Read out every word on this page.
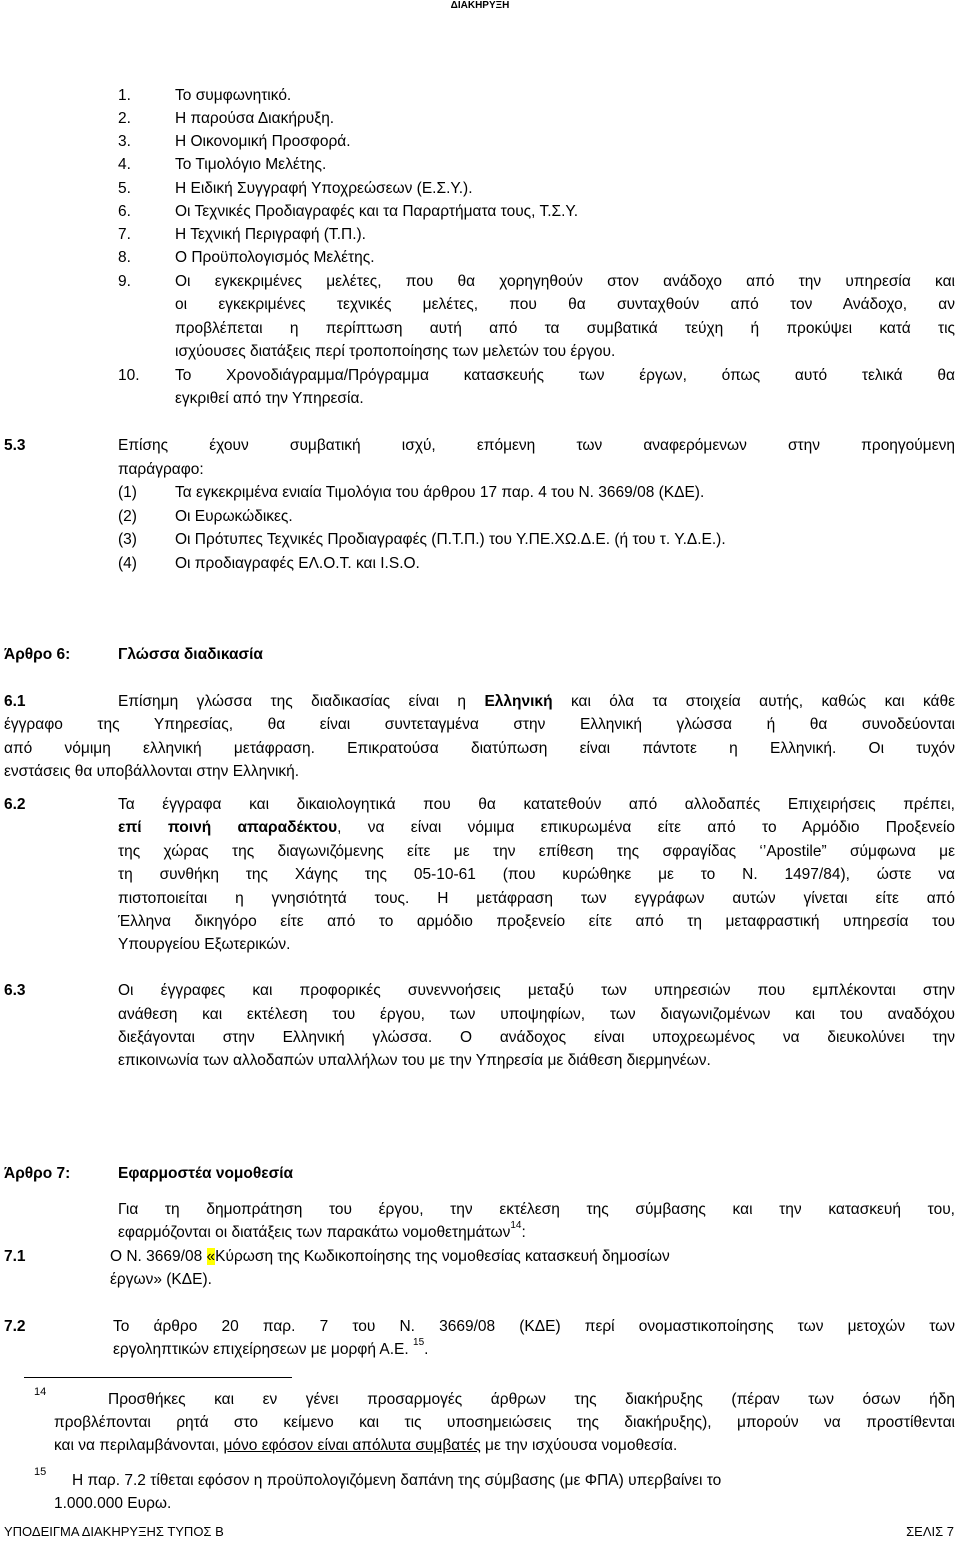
ΔΙΑΚΗΡΥΞΗ
1.	Το συμφωνητικό.
2.	Η παρούσα Διακήρυξη.
3.	Η Οικονομική Προσφορά.
4.	Το Τιμολόγιο Μελέτης.
5.	Η Ειδική Συγγραφή Υποχρεώσεων (Ε.Σ.Υ.).
6.	Οι Τεχνικές Προδιαγραφές και τα Παραρτήματα τους, Τ.Σ.Υ.
7.	Η Τεχνική Περιγραφή (Τ.Π.).
8.	Ο Προϋπολογισμός Μελέτης.
9.	Οι εγκεκριμένες μελέτες, που θα χορηγηθούν στον ανάδοχο από την υπηρεσία και
οι εγκεκριμένες τεχνικές μελέτες, που θα συνταχθούν από τον Ανάδοχο, αν
προβλέπεται η περίπτωση αυτή από τα συμβατικά τεύχη ή προκύψει κατά τις
ισχύουσες διατάξεις περί τροποποίησης των μελετών του έργου.
10. Το Χρονοδιάγραμμα/Πρόγραμμα κατασκευής των έργων, όπως αυτό τελικά θα
εγκριθεί από την Υπηρεσία.
5.3	Επίσης έχουν συμβατική ισχύ, επόμενη των αναφερόμενων στην προηγούμενη
παράγραφο:
(1) Τα εγκεκριμένα ενιαία Τιμολόγια του άρθρου 17 παρ. 4 του Ν. 3669/08 (ΚΔΕ).
(2) Οι Ευρωκώδικες.
(3) Οι Πρότυπες Τεχνικές Προδιαγραφές (Π.Τ.Π.) του Υ.ΠΕ.ΧΩ.Δ.Ε. (ή του τ. Υ.Δ.Ε.).
(4) Οι προδιαγραφές ΕΛ.Ο.Τ. και I.S.O.
Άρθρο 6:	Γλώσσα διαδικασία
6.1	Επίσημη γλώσσα της διαδικασίας είναι η Ελληνική και όλα τα στοιχεία αυτής, καθώς και κάθε
έγγραφο της Υπηρεσίας, θα είναι συντεταγμένα στην Ελληνική γλώσσα ή θα συνοδεύονται
από νόμιμη ελληνική μετάφραση. Επικρατούσα διατύπωση είναι πάντοτε η Ελληνική. Οι τυχόν
ενστάσεις θα υποβάλλονται στην Ελληνική.
6.2	Τα έγγραφα και δικαιολογητικά που θα κατατεθούν από αλλοδαπές Επιχειρήσεις πρέπει,
επί ποινή απαραδέκτου, να είναι νόμιμα επικυρωμένα είτε από το Αρμόδιο Προξενείο
της χώρας της διαγωνιζόμενης είτε με την επίθεση της σφραγίδας ‘’Apostile” σύμφωνα με
τη συνθήκη της Χάγης της 05-10-61 (που κυρώθηκε με το Ν. 1497/84), ώστε να
πιστοποιείται η γνησιότητά τους. Η μετάφραση των εγγράφων αυτών γίνεται είτε από
Έλληνα δικηγόρο είτε από το αρμόδιο προξενείο είτε από τη μεταφραστική υπηρεσία του
Υπουργείου Εξωτερικών.
6.3	Οι έγγραφες και προφορικές συνεννοήσεις μεταξύ των υπηρεσιών που εμπλέκονται στην
ανάθεση και εκτέλεση του έργου, των υποψηφίων, των διαγωνιζομένων και του αναδόχου
διεξάγονται στην Ελληνική γλώσσα. Ο ανάδοχος είναι υποχρεωμένος να διευκολύνει την
επικοινωνία των αλλοδαπών υπαλλήλων του με την Υπηρεσία με διάθεση διερμηνέων.
Άρθρο 7:	Εφαρμοστέα νομοθεσία
Για τη δημοπράτηση του έργου, την εκτέλεση της σύμβασης και την κατασκευή του,
εφαρμόζονται οι διατάξεις των παρακάτω νομοθετημάτων$^{14}$:
7.1	Ο Ν. 3669/08 «Κύρωση της Κωδικοποίησης της νομοθεσίας κατασκευή δημοσίων
έργων» (ΚΔΕ).
7.2	Το άρθρο 20 παρ. 7 του Ν. 3669/08 (ΚΔΕ) περί ονομαστικοποίησης των μετοχών των
εργοληπτικών επιχείρησεων με μορφή Α.Ε. $^{15}$.
14	Προσθήκες και εν γένει προσαρμογές άρθρων της διακήρυξης (πέραν των όσων ήδη
προβλέπονται ρητά στο κείμενο και τις υποσημειώσεις της διακήρυξης), μπορούν να προστίθενται
και να περιλαμβάνονται, μόνο εφόσον είναι απόλυτα συμβατές με την ισχύουσα νομοθεσία.
15 Η παρ. 7.2 τίθεται εφόσον η προϋπολογιζόμενη δαπάνη της σύμβασης (με ΦΠΑ) υπερβαίνει το
1.000.000 Ευρω.
ΥΠΟΔΕΙΓΜΑ ΔΙΑΚΗΡΥΞΗΣ ΤΥΠΟΣ Β	ΣΕΛΙΣ 7
